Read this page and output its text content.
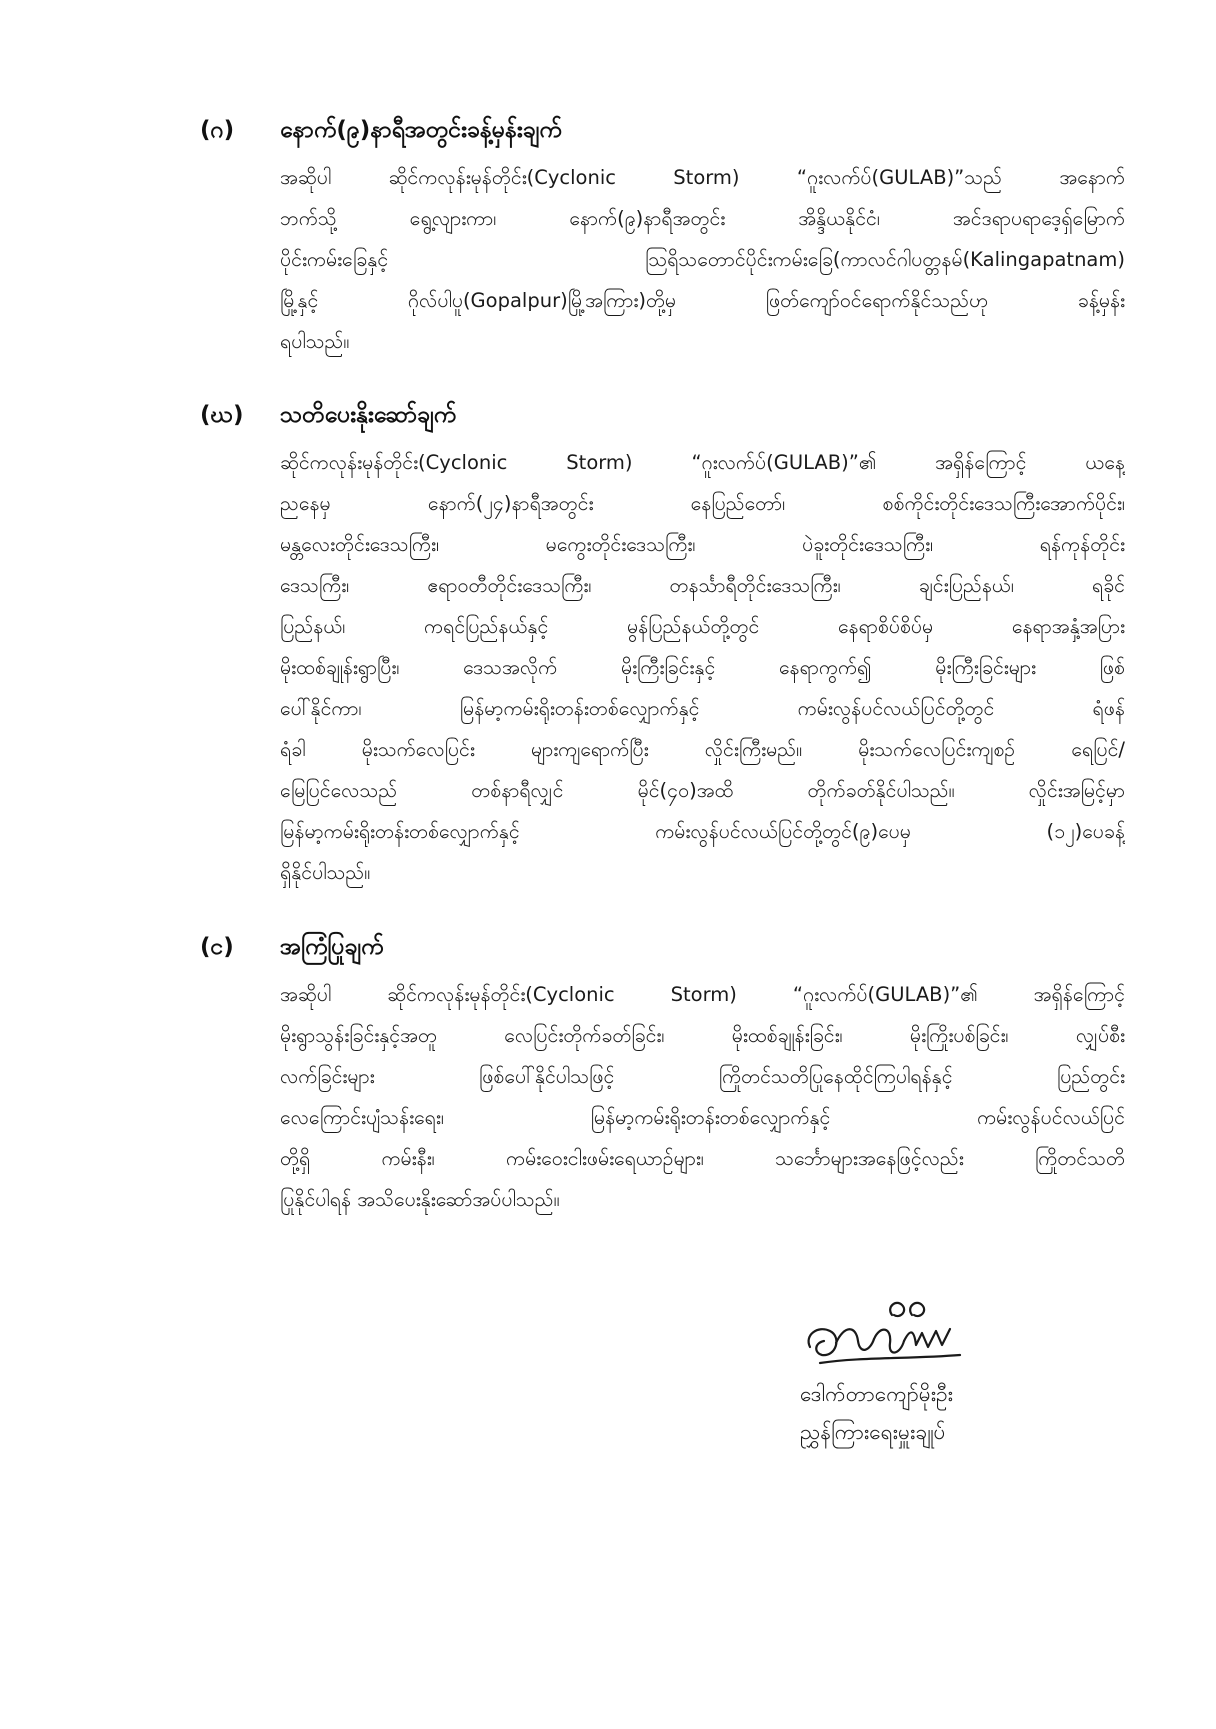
(ဂ)	နောက်(၉)နာရီအတွင်းခန့်မှန်းချက်
အဆိုပါ ဆိုင်ကလုန်းမုန်တိုင်း(Cyclonic Storm) “ဂူးလက်ပ်(GULAB)”သည် အနောက်
ဘက်သို့ ရွေ့လျားကာ၊ နောက်(၉)နာရီအတွင်း အိန္ဒိယနိုင်ငံ၊ အင်ဒရာပရာဒေ့ရှ်မြောက်
ပိုင်းကမ်းခြေနှင့် သြရိသတောင်ပိုင်းကမ်းခြေ(ကာလင်ဂါပတ္တနမ်(Kalingapatnam)
မြို့နှင့် ဂိုလ်ပါပူ(Gopalpur)မြို့အကြား)တို့မှ ဖြတ်ကျော်ဝင်ရောက်နိုင်သည်ဟု ခန့်မှန်း
ရပါသည်။
(ဃ)	သတိပေးနိုးဆော်ချက်
ဆိုင်ကလုန်းမုန်တိုင်း(Cyclonic Storm) “ဂူးလက်ပ်(GULAB)”၏ အရှိန်ကြောင့် ယနေ့
ညနေမှ နောက်(၂၄)နာရီအတွင်း နေပြည်တော်၊ စစ်ကိုင်းတိုင်းဒေသကြီးအောက်ပိုင်း၊
မန္တလေးတိုင်းဒေသကြီး၊ မကွေးတိုင်းဒေသကြီး၊ ပဲခူးတိုင်းဒေသကြီး၊ ရန်ကုန်တိုင်း
ဒေသကြီး၊ ဧရာဝတီတိုင်းဒေသကြီး၊ တနင်္သာရီတိုင်းဒေသကြီး၊ ချင်းပြည်နယ်၊ ရခိုင်
ပြည်နယ်၊ ကရင်ပြည်နယ်နှင့် မွန်ပြည်နယ်တို့တွင် နေရာစိပ်စိပ်မှ နေရာအနှံ့အပြား
မိုးထစ်ချုန်းရွာပြီး၊ ဒေသအလိုက် မိုးကြီးခြင်းနှင့် နေရာကွက်၍ မိုးကြီးခြင်းများ ဖြစ်
ပေါ်နိုင်ကာ၊ မြန်မာ့ကမ်းရိုးတန်းတစ်လျှောက်နှင့် ကမ်းလွန်ပင်လယ်ပြင်တို့တွင် ရံဖန်
ရံခါ မိုးသက်လေပြင်း များကျရောက်ပြီး လှိုင်းကြီးမည်။ မိုးသက်လေပြင်းကျစဉ် ရေပြင်/
မြေပြင်လေသည် တစ်နာရီလျှင် မိုင်(၄၀)အထိ တိုက်ခတ်နိုင်ပါသည်။ လှိုင်းအမြင့်မှာ
မြန်မာ့ကမ်းရိုးတန်းတစ်လျှောက်နှင့် ကမ်းလွန်ပင်လယ်ပြင်တို့တွင်(၉)ပေမှ (၁၂)ပေခန့်
ရှိနိုင်ပါသည်။
(င)	အကြံပြုချက်
အဆိုပါ ဆိုင်ကလုန်းမုန်တိုင်း(Cyclonic Storm) “ဂူးလက်ပ်(GULAB)”၏ အရှိန်ကြောင့်
မိုးရွာသွန်းခြင်းနှင့်အတူ လေပြင်းတိုက်ခတ်ခြင်း၊ မိုးထစ်ချုန်းခြင်း၊ မိုးကြိုးပစ်ခြင်း၊ လျှပ်စီး
လက်ခြင်းများ ဖြစ်ပေါ်နိုင်ပါသဖြင့် ကြိုတင်သတိပြုနေထိုင်ကြပါရန်နှင့် ပြည်တွင်း
လေကြောင်းပျံသန်းရေး၊ မြန်မာ့ကမ်းရိုးတန်းတစ်လျှောက်နှင့် ကမ်းလွန်ပင်လယ်ပြင်
တို့ရှိ ကမ်းနီး၊ ကမ်းဝေးငါးဖမ်းရေယာဉ်များ၊ သင်္ဘောများအနေဖြင့်လည်း ကြိုတင်သတိ
ပြုနိုင်ပါရန် အသိပေးနိုးဆော်အပ်ပါသည်။
ဒေါက်တာကျော်မိုးဦး
ညွှန်ကြားရေးမှူးချုပ်
